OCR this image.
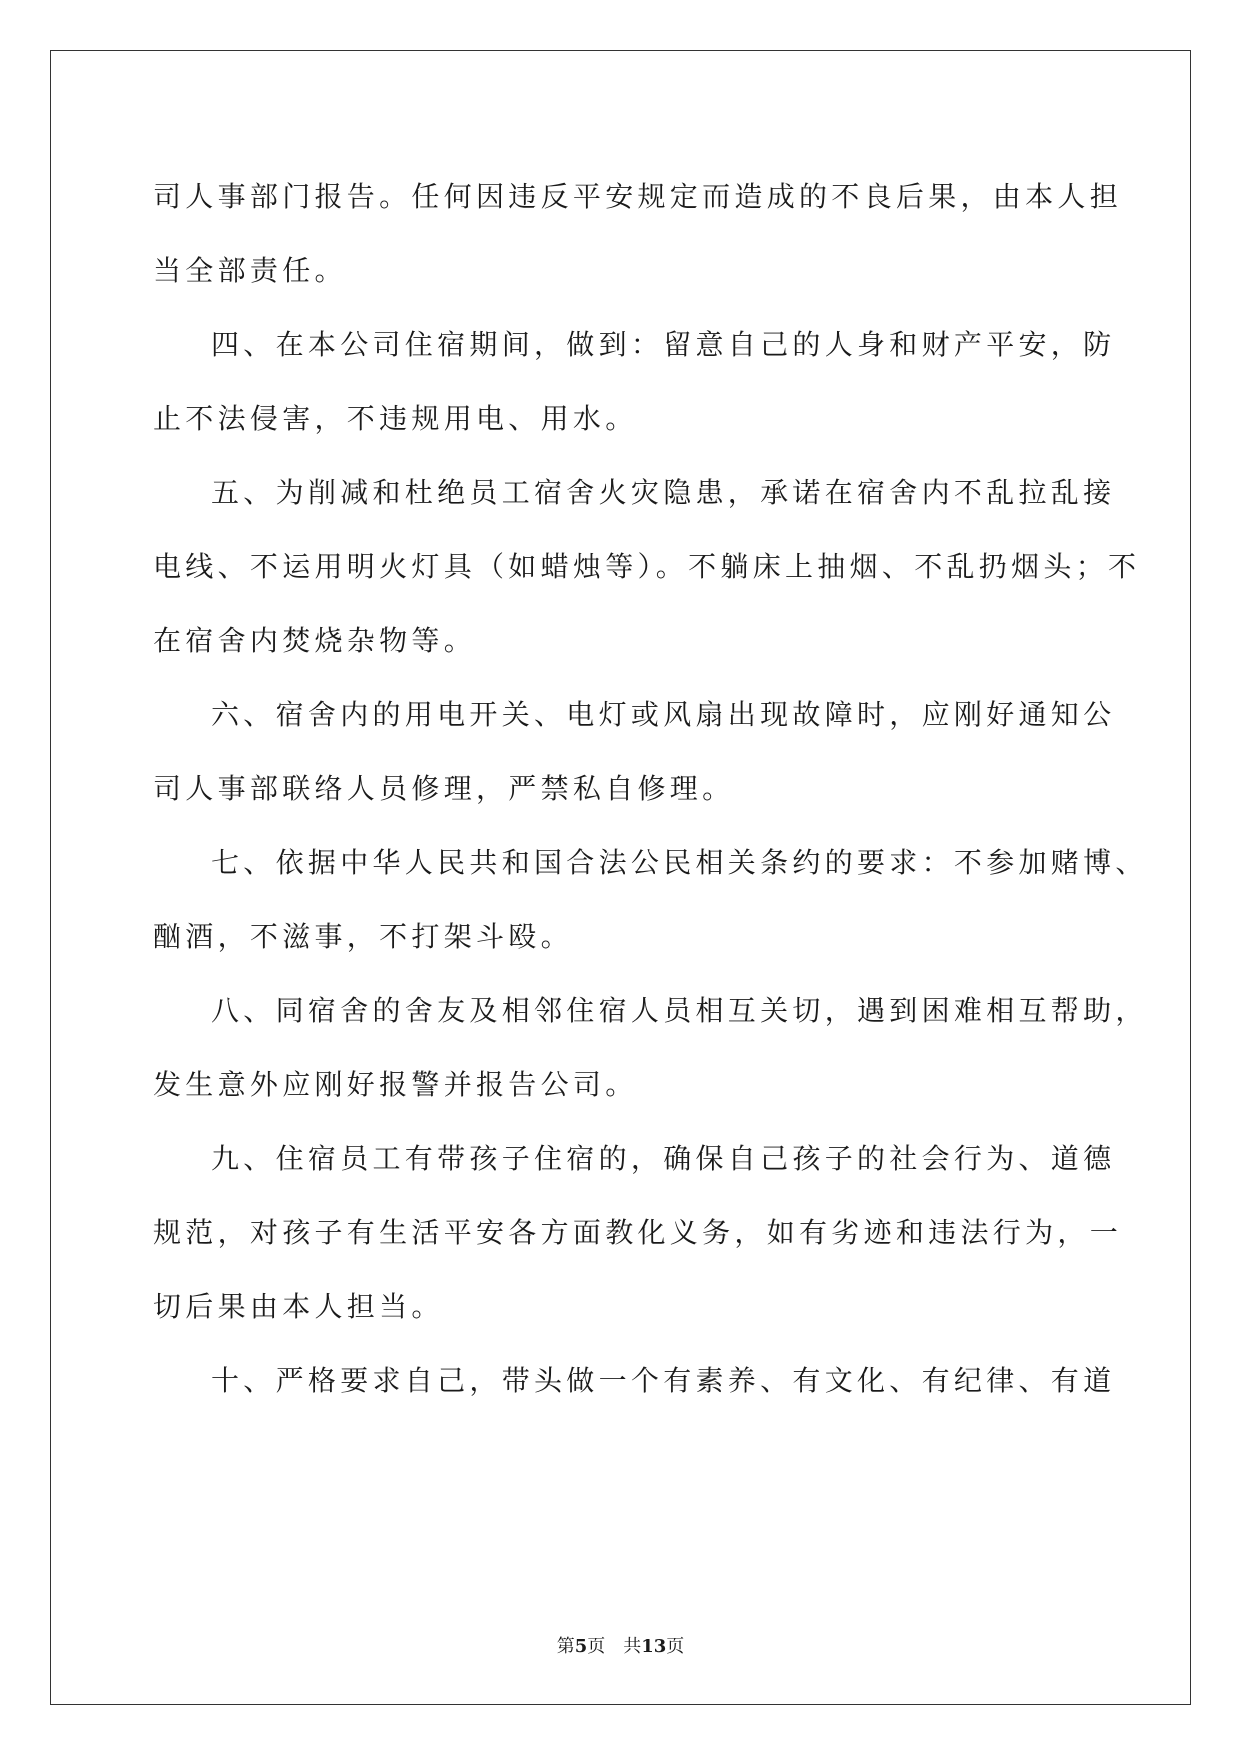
司人事部门报告。任何因违反平安规定而造成的不良后果，由本人担
当全部责任。
四、在本公司住宿期间，做到：留意自己的人身和财产平安，防
止不法侵害，不违规用电、用水。
五、为削减和杜绝员工宿舍火灾隐患，承诺在宿舍内不乱拉乱接
电线、不运用明火灯具（如蜡烛等）。不躺床上抽烟、不乱扔烟头；不
在宿舍内焚烧杂物等。
六、宿舍内的用电开关、电灯或风扇出现故障时，应刚好通知公
司人事部联络人员修理，严禁私自修理。
七、依据中华人民共和国合法公民相关条约的要求：不参加赌博、
酗酒，不滋事，不打架斗殴。
八、同宿舍的舍友及相邻住宿人员相互关切，遇到困难相互帮助，
发生意外应刚好报警并报告公司。
九、住宿员工有带孩子住宿的，确保自己孩子的社会行为、道德
规范，对孩子有生活平安各方面教化义务，如有劣迹和违法行为，一
切后果由本人担当。
十、严格要求自己，带头做一个有素养、有文化、有纪律、有道
第5页 共13页
